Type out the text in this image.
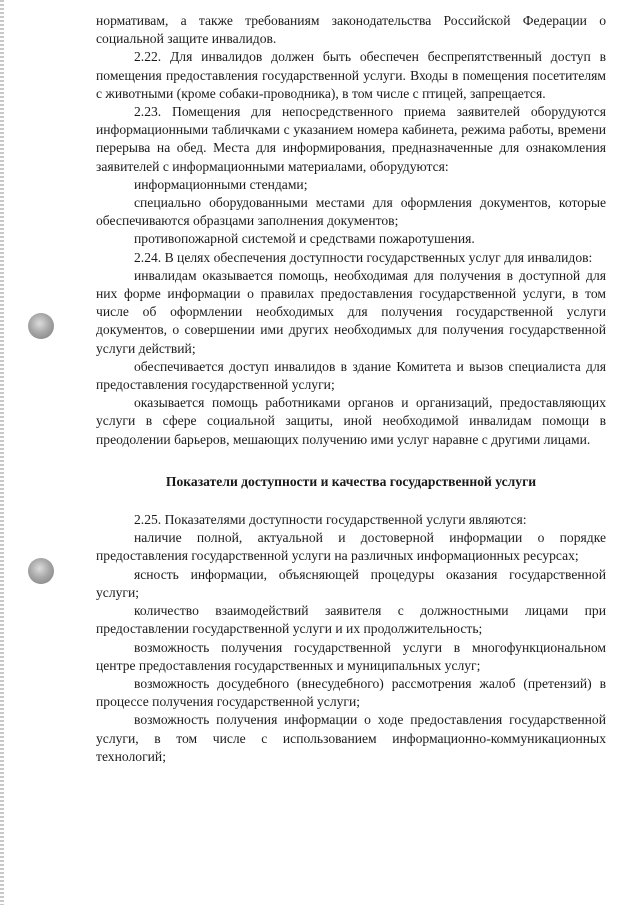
нормативам, а также требованиям законодательства Российской Федерации о социальной защите инвалидов.

2.22. Для инвалидов должен быть обеспечен беспрепятственный доступ в помещения предоставления государственной услуги. Входы в помещения посетителям с животными (кроме собаки-проводника), в том числе с птицей, запрещается.

2.23. Помещения для непосредственного приема заявителей оборудуются информационными табличками с указанием номера кабинета, режима работы, времени перерыва на обед. Места для информирования, предназначенные для ознакомления заявителей с информационными материалами, оборудуются:

информационными стендами;

специально оборудованными местами для оформления документов, которые обеспечиваются образцами заполнения документов;

противопожарной системой и средствами пожаротушения.

2.24. В целях обеспечения доступности государственных услуг для инвалидов:

инвалидам оказывается помощь, необходимая для получения в доступной для них форме информации о правилах предоставления государственной услуги, в том числе об оформлении необходимых для получения государственной услуги документов, о совершении ими других необходимых для получения государственной услуги действий;

обеспечивается доступ инвалидов в здание Комитета и вызов специалиста для предоставления государственной услуги;

оказывается помощь работниками органов и организаций, предоставляющих услуги в сфере социальной защиты, иной необходимой инвалидам помощи в преодолении барьеров, мешающих получению ими услуг наравне с другими лицами.

Показатели доступности и качества государственной услуги

2.25. Показателями доступности государственной услуги являются:

наличие полной, актуальной и достоверной информации о порядке предоставления государственной услуги на различных информационных ресурсах;

ясность информации, объясняющей процедуры оказания государственной услуги;

количество взаимодействий заявителя с должностными лицами при предоставлении государственной услуги и их продолжительность;

возможность получения государственной услуги в многофункциональном центре предоставления государственных и муниципальных услуг;

возможность досудебного (внесудебного) рассмотрения жалоб (претензий) в процессе получения государственной услуги;

возможность получения информации о ходе предоставления государственной услуги, в том числе с использованием информационно-коммуникационных технологий;
